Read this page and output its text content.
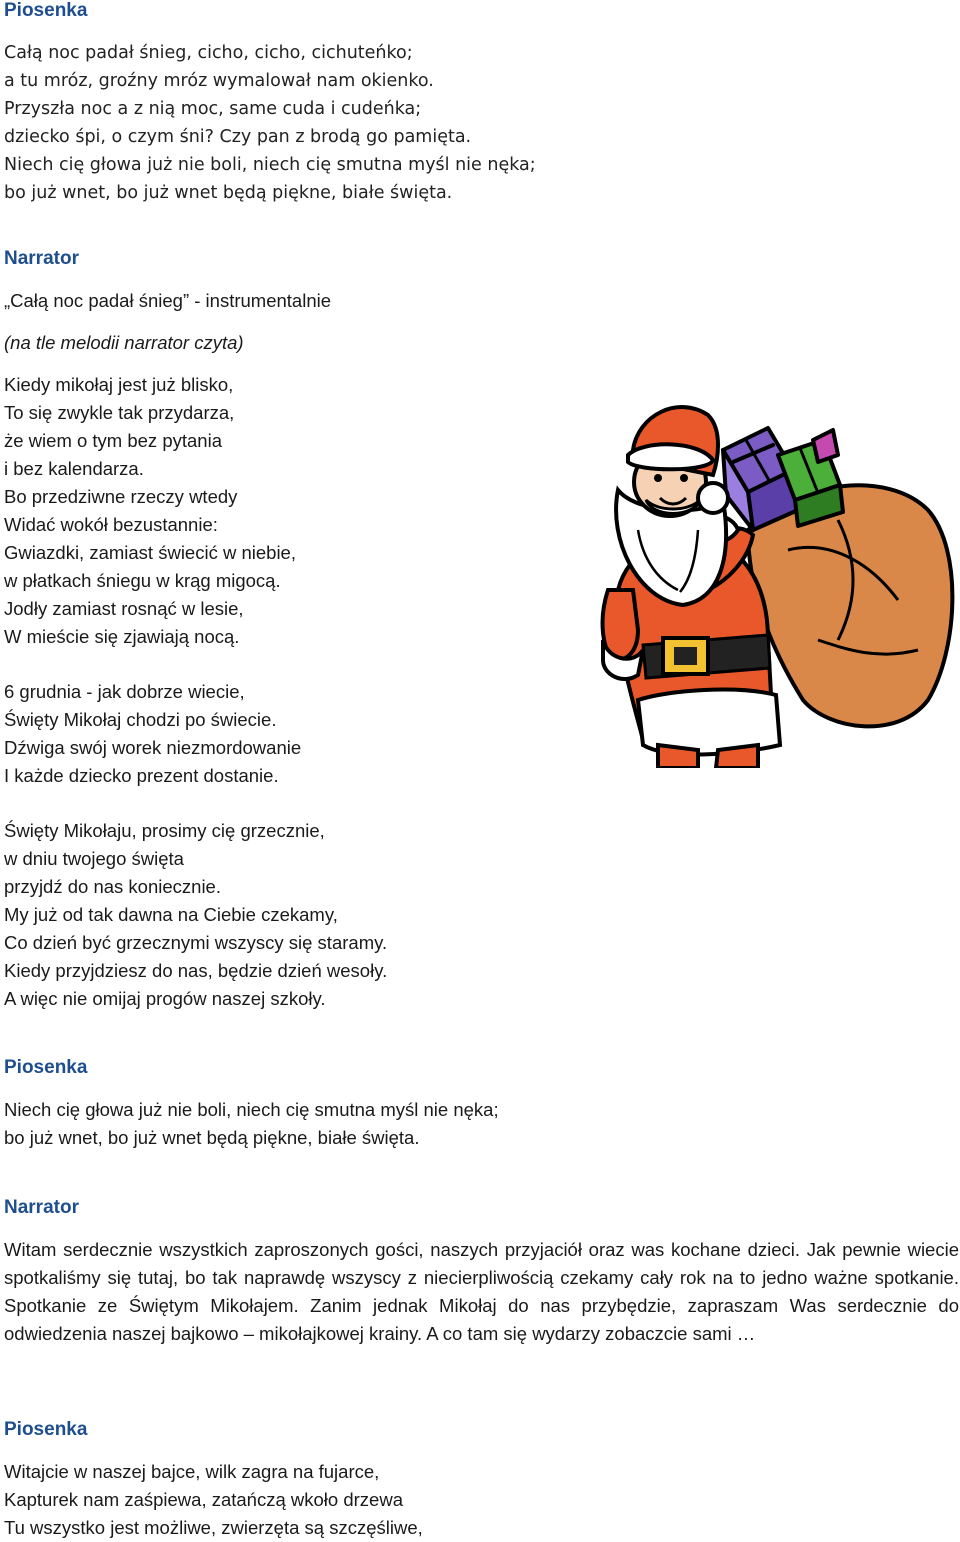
Piosenka
Całą noc padał śnieg, cicho, cicho, cichuteńko;
a tu mróz, groźny mróz wymalował nam okienko.
Przyszła noc a z nią moc, same cuda i cudeńka;
dziecko śpi, o czym śni? Czy pan z brodą go pamięta.
Niech cię głowa już nie boli, niech cię smutna myśl nie nęka;
bo już wnet, bo już wnet będą piękne, białe święta.
Narrator
„Całą noc padał śnieg” - instrumentalnie
(na tle melodii narrator czyta)
Kiedy mikołaj jest już blisko,
To się zwykle tak przydarza,
że wiem o tym bez pytania
i bez kalendarza.
Bo przedziwne rzeczy wtedy
Widać wokół bezustannie:
Gwiazdki, zamiast świecić w niebie,
w płatkach śniegu w krąg migocą.
Jodły zamiast rosnąć w lesie,
W mieście się zjawiają nocą.
6 grudnia - jak dobrze wiecie,
Święty Mikołaj chodzi po świecie.
Dźwiga swój worek niezmordowanie
I każde dziecko prezent dostanie.
Święty Mikołaju, prosimy cię grzecznie,
w dniu twojego święta
przyjdź do nas koniecznie.
My już od tak dawna na Ciebie czekamy,
Co dzień być grzecznymi wszyscy się staramy.
Kiedy przyjdziesz do nas, będzie dzień wesoły.
A więc nie omijaj progów naszej szkoły.
Piosenka
Niech cię głowa już nie boli, niech cię smutna myśl nie nęka;
bo już wnet, bo już wnet będą piękne, białe święta.
Narrator
Witam serdecznie wszystkich zaproszonych gości, naszych przyjaciół oraz was kochane dzieci. Jak pewnie wiecie spotkaliśmy się tutaj, bo tak naprawdę wszyscy z niecierpliwością czekamy cały rok na to jedno ważne spotkanie. Spotkanie ze Świętym Mikołajem. Zanim jednak Mikołaj do nas przybędzie, zapraszam Was serdecznie do odwiedzenia naszej bajkowo – mikołajkowej krainy. A co tam się wydarzy zobaczcie sami …
Piosenka
Witajcie w naszej bajce, wilk zagra na fujarce,
Kapturek nam zaśpiewa, zatańczą wkoło drzewa
Tu wszystko jest możliwe, zwierzęta są szczęśliwe,
